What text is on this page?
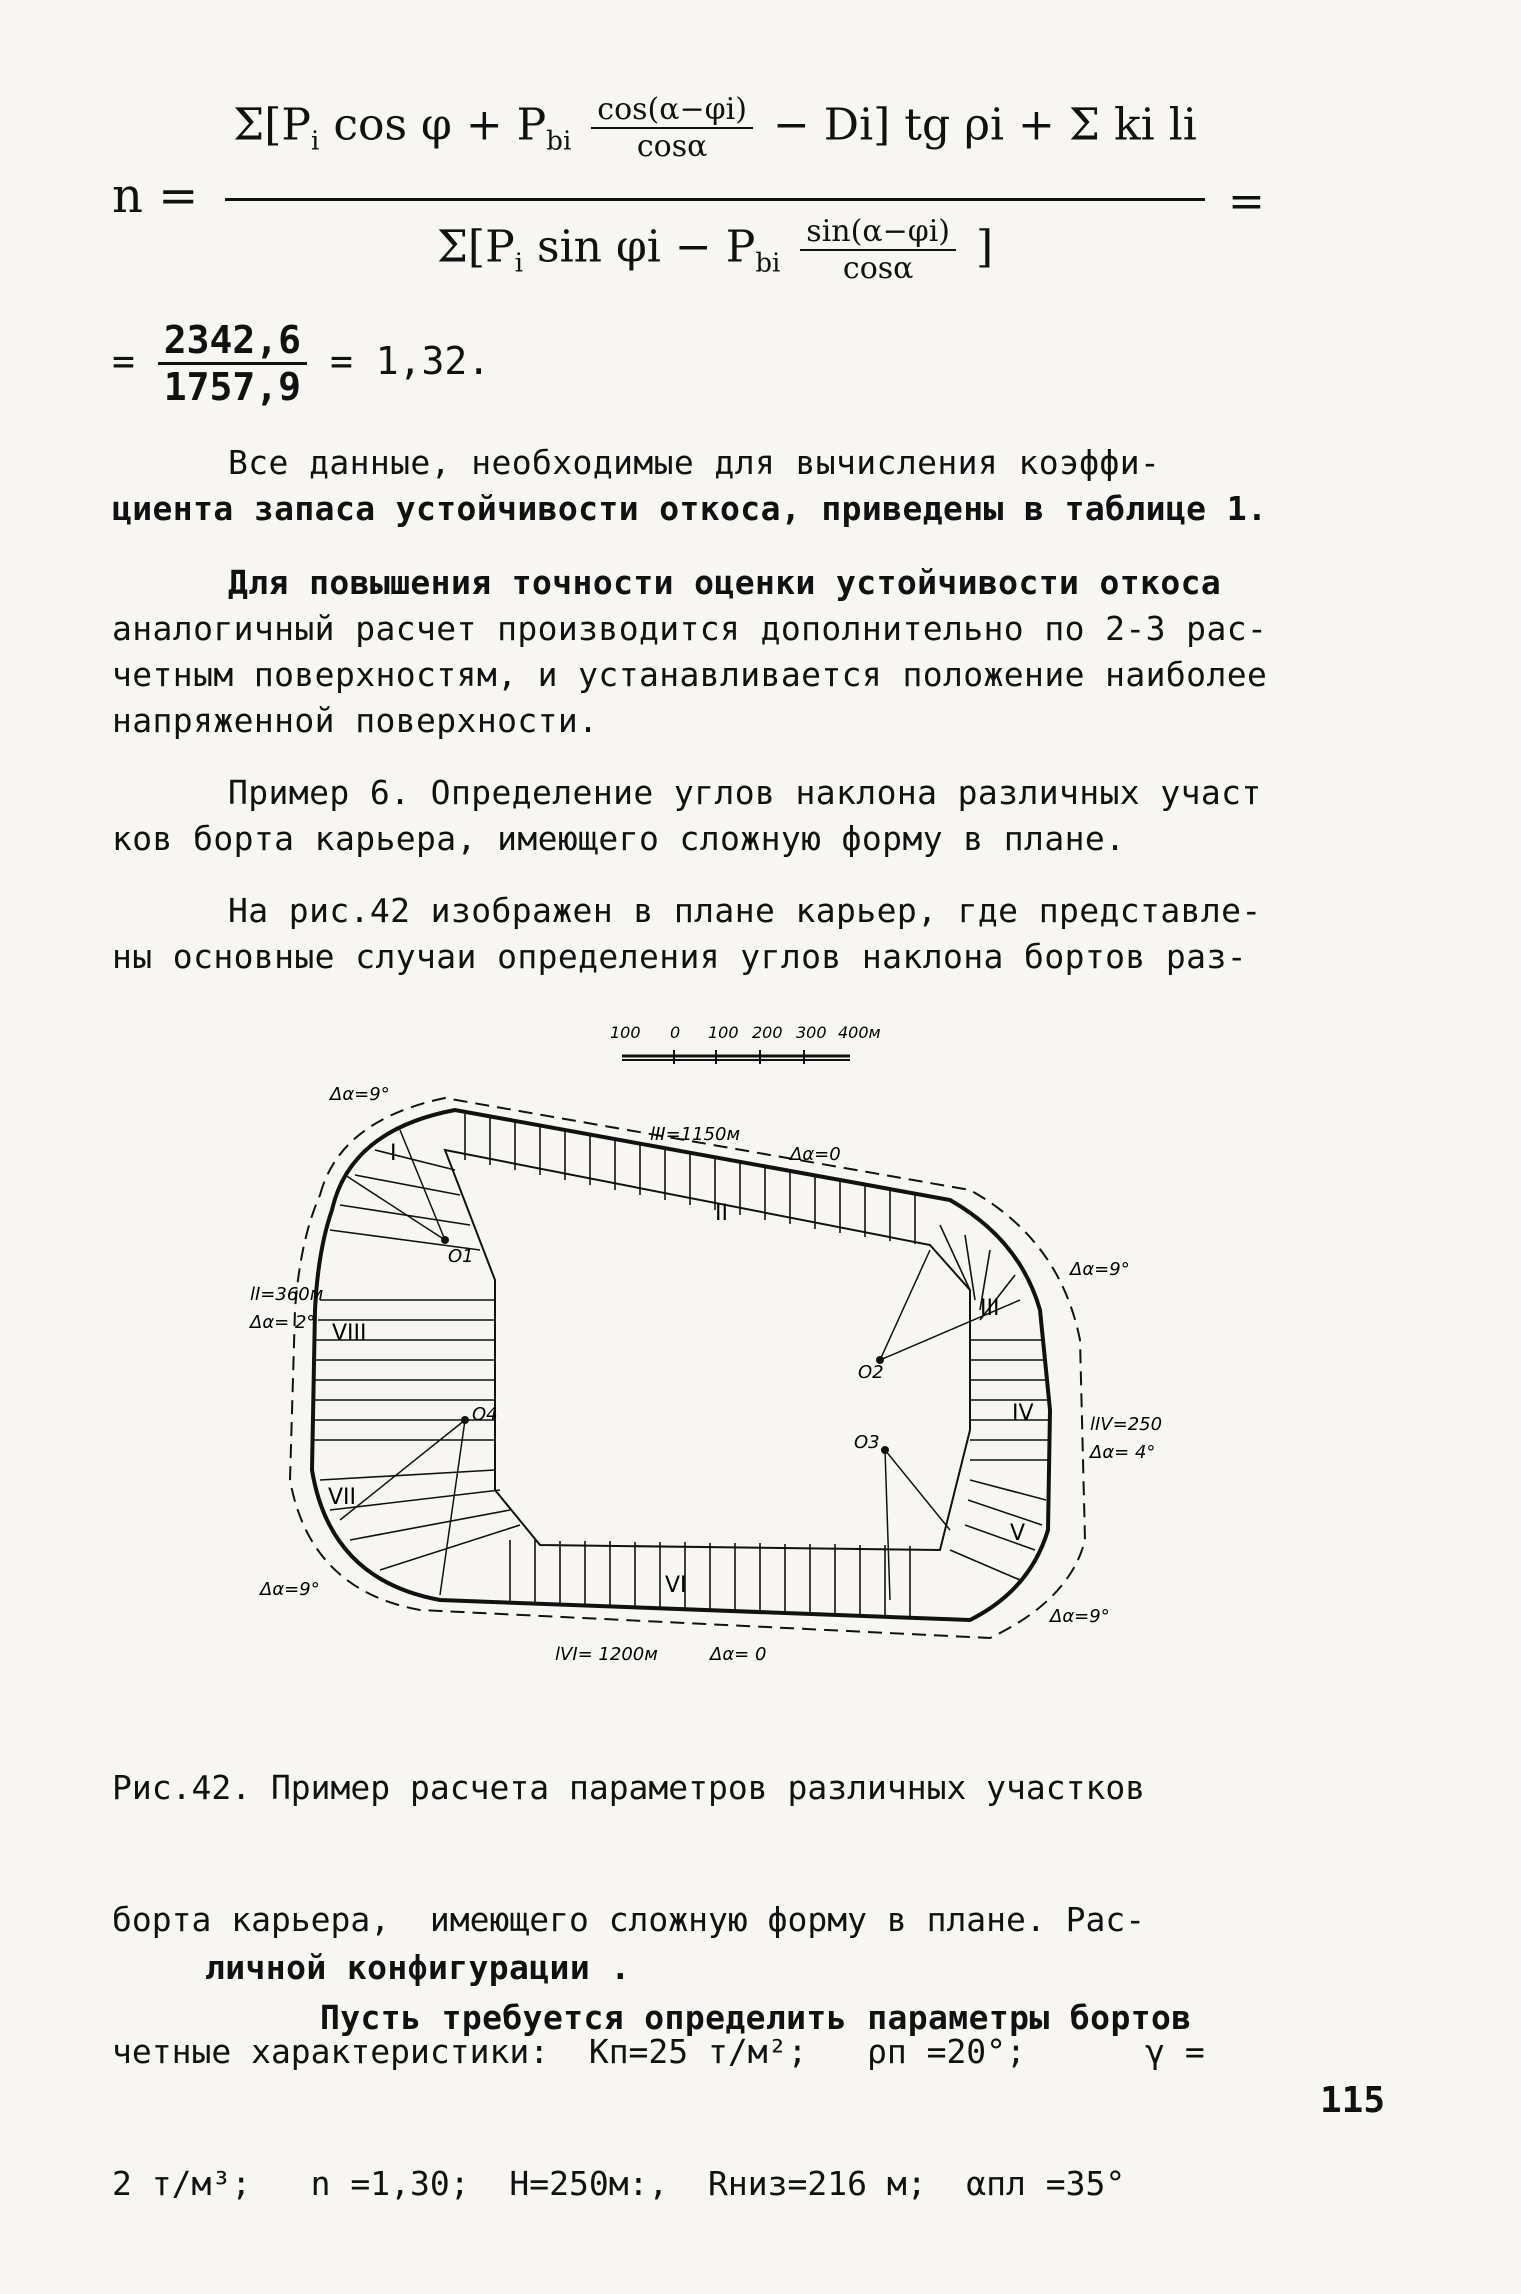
n =
$\Sigma[P_i$ $\cos \varphi + P_{bi} \frac{\cos(\alpha-\varphi i)}{\cos\alpha} - Di$] tg ρi + Σ ki li
$\Sigma[P_i$ $\sin \varphi i - P_{bi} \frac{\sin(\alpha-\varphi i)}{\cos\alpha}$ ]
=
= $\frac{2342,6}{1757,9} = 1,32$.
Все данные, необходимые для вычисления коэффи-
циента запаса устойчивости откоса, приведены в таблице 1.
Для повышения точности оценки устойчивости откоса
аналогичный расчет производится дополнительно по 2-3 рас-
четным поверхностям, и устанавливается положение наиболее
напряженной поверхности.
Пример 6. Определение углов наклона различных участ
ков борта карьера, имеющего сложную форму в плане.
На рис.42 изображен в плане карьер, где представле-
ны основные случаи определения углов наклона бортов раз-
100 0 100 200 300 400м
O1
O2
O3
O4
I
II
III
IV
V
VI
VII
VIII
Δα=9°
lII=1150м
Δα=0
Δα=9°
lIV=250
Δα= 4°
Δα=9°
lVI= 1200м	Δα= 0
Δα=9°
lI=360м
Δα= 2°

Рис.42. Пример расчета параметров различных участков

борта карьера,  имеющего сложную форму в плане. Рас-

четные характеристики:  Kп=25 т/м²;   ρп =20°;      γ =

2 т/м³;   n =1,30;  H=250м:,  Rниз=216 м;  αпл =35°

личной конфигурации .
Пусть требуется определить параметры бортов
115
